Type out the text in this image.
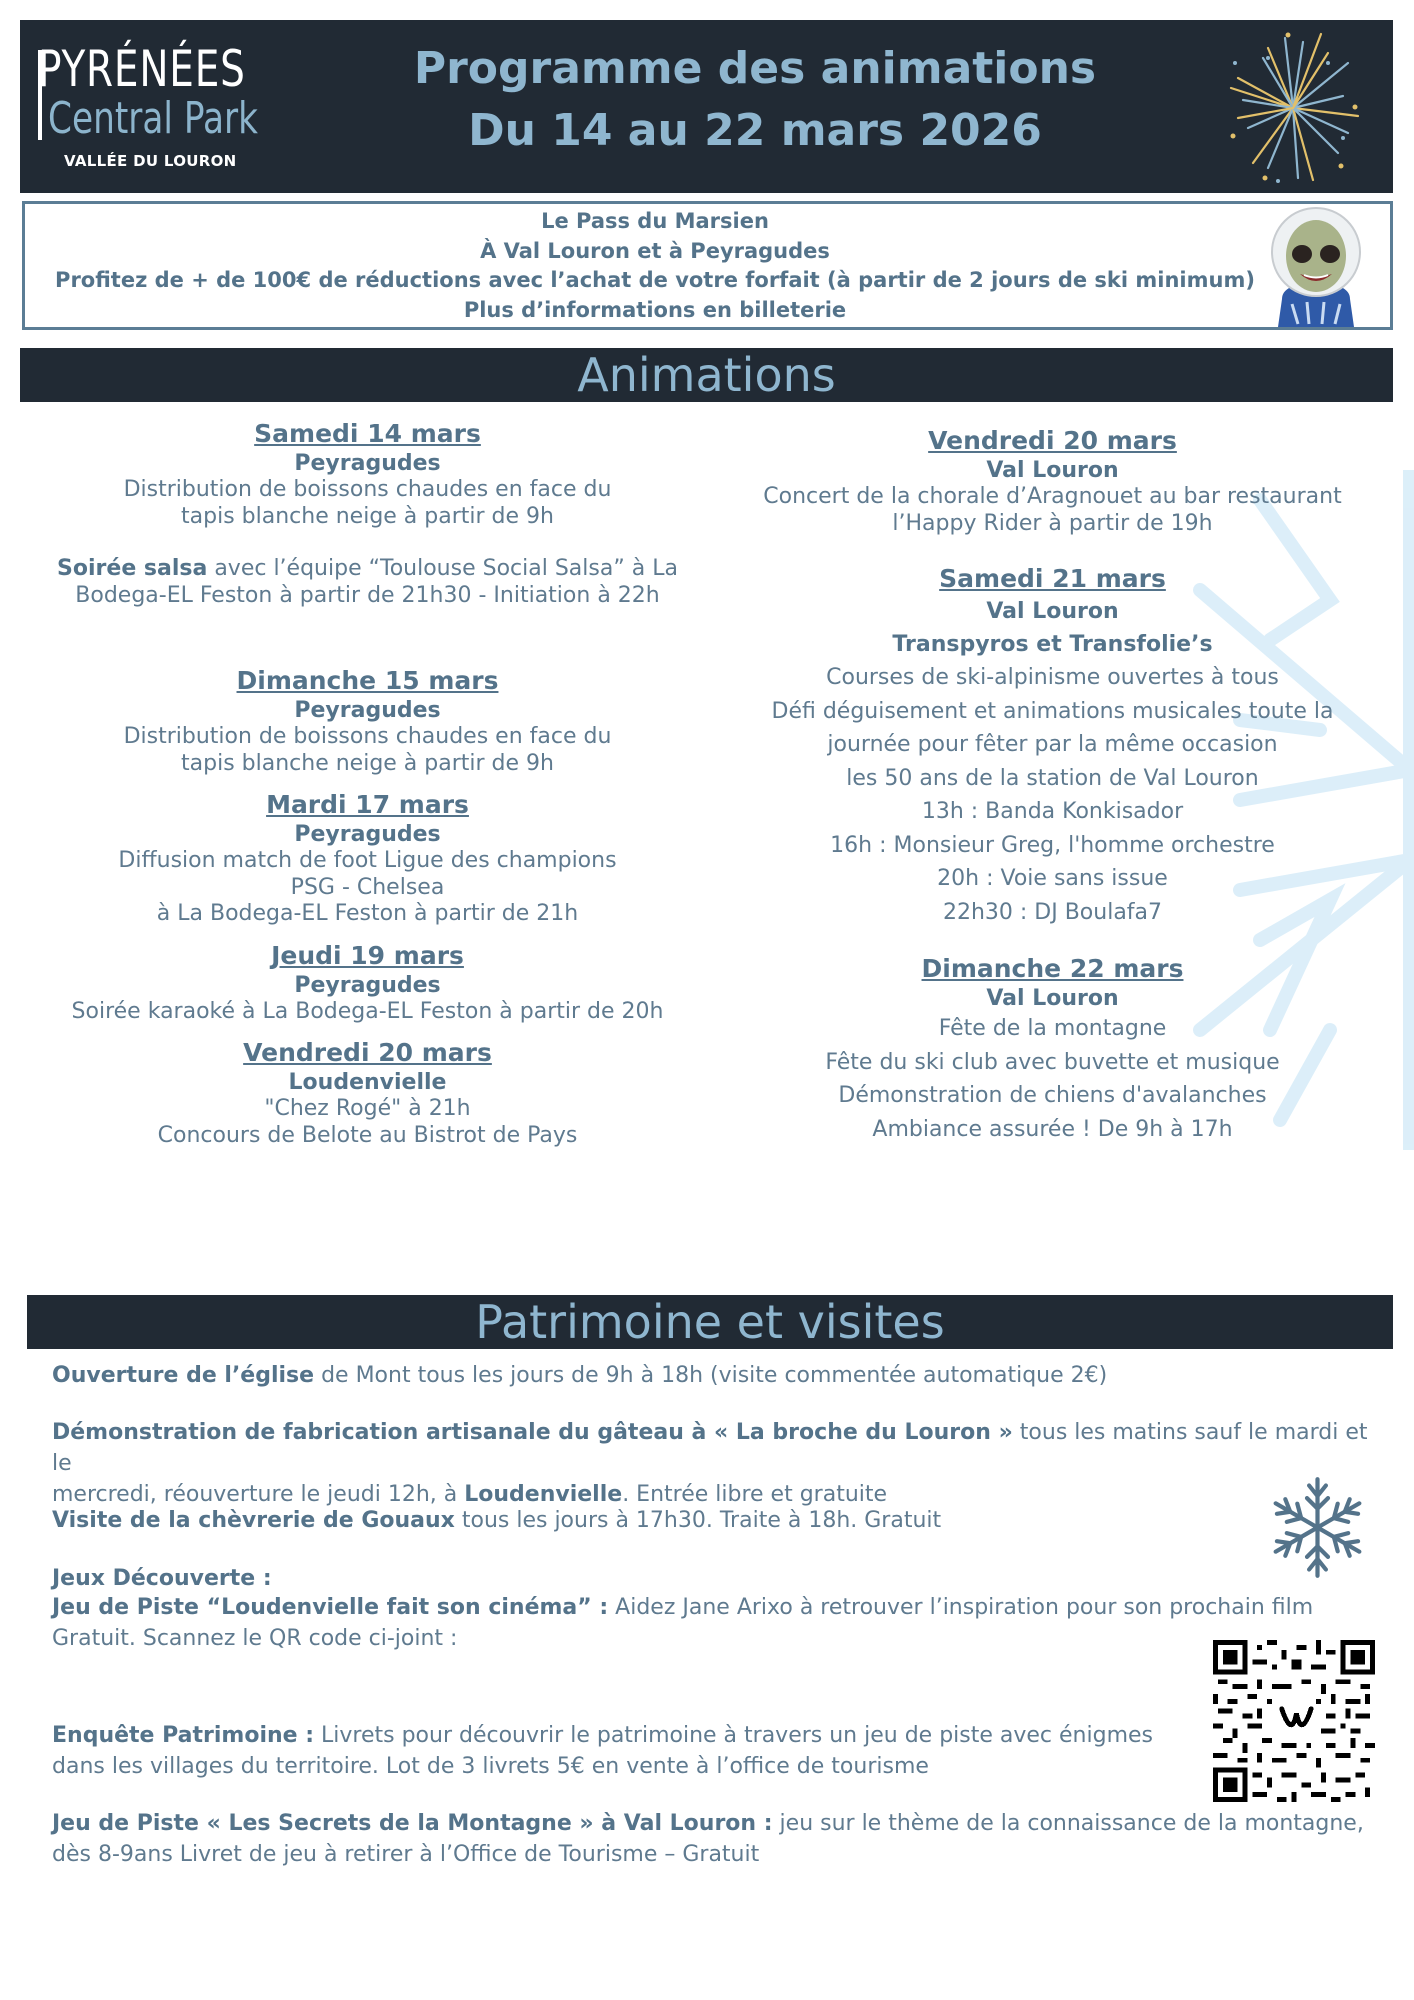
PYRÉNÉES
Central Park
VALLÉE DU LOURON
Programme des animations
Du 14 au 22 mars 2026
Le Pass du Marsien
À Val Louron et à Peyragudes
Profitez de + de 100€ de réductions avec l’achat de votre forfait (à partir de 2 jours de ski minimum)
Plus d’informations en billeterie
Animations
Samedi 14 mars
Peyragudes
Distribution de boissons chaudes en face du
tapis blanche neige à partir de 9h
Soirée salsa avec l’équipe “Toulouse Social Salsa” à La
Bodega-EL Feston à partir de 21h30 - Initiation à 22h
Dimanche 15 mars
Peyragudes
Distribution de boissons chaudes en face du
tapis blanche neige à partir de 9h
Mardi 17 mars
Peyragudes
Diffusion match de foot Ligue des champions
PSG - Chelsea
à La Bodega-EL Feston à partir de 21h
Jeudi 19 mars
Peyragudes
Soirée karaoké à La Bodega-EL Feston à partir de 20h
Vendredi 20 mars
Loudenvielle
"Chez Rogé" à 21h
Concours de Belote au Bistrot de Pays
Vendredi 20 mars
Val Louron
Concert de la chorale d’Aragnouet au bar restaurant
l’Happy Rider à partir de 19h
Samedi 21 mars
Val Louron
Transpyros et Transfolie’s
Courses de ski-alpinisme ouvertes à tous
Défi déguisement et animations musicales toute la
journée pour fêter par la même occasion
les 50 ans de la station de Val Louron
13h : Banda Konkisador
16h : Monsieur Greg, l'homme orchestre
20h : Voie sans issue
22h30 : DJ Boulafa7
Dimanche 22 mars
Val Louron
Fête de la montagne
Fête du ski club avec buvette et musique
Démonstration de chiens d'avalanches
Ambiance assurée ! De 9h à 17h
Patrimoine et visites
Ouverture de l’église de Mont tous les jours de 9h à 18h (visite commentée automatique 2€)
Démonstration de fabrication artisanale du gâteau à « La broche du Louron » tous les matins sauf le mardi et le
mercredi, réouverture le jeudi 12h, à Loudenvielle. Entrée libre et gratuite
Visite de la chèvrerie de Gouaux tous les jours à 17h30. Traite à 18h. Gratuit
Jeux Découverte :
Jeu de Piste “Loudenvielle fait son cinéma” : Aidez Jane Arixo à retrouver l’inspiration pour son prochain film
Gratuit. Scannez le QR code ci-joint :
Enquête Patrimoine : Livrets pour découvrir le patrimoine à travers un jeu de piste avec énigmes
dans les villages du territoire. Lot de 3 livrets 5€ en vente à l’office de tourisme
Jeu de Piste « Les Secrets de la Montagne » à Val Louron : jeu sur le thème de la connaissance de la montagne,
dès 8-9ans Livret de jeu à retirer à l’Office de Tourisme – Gratuit
